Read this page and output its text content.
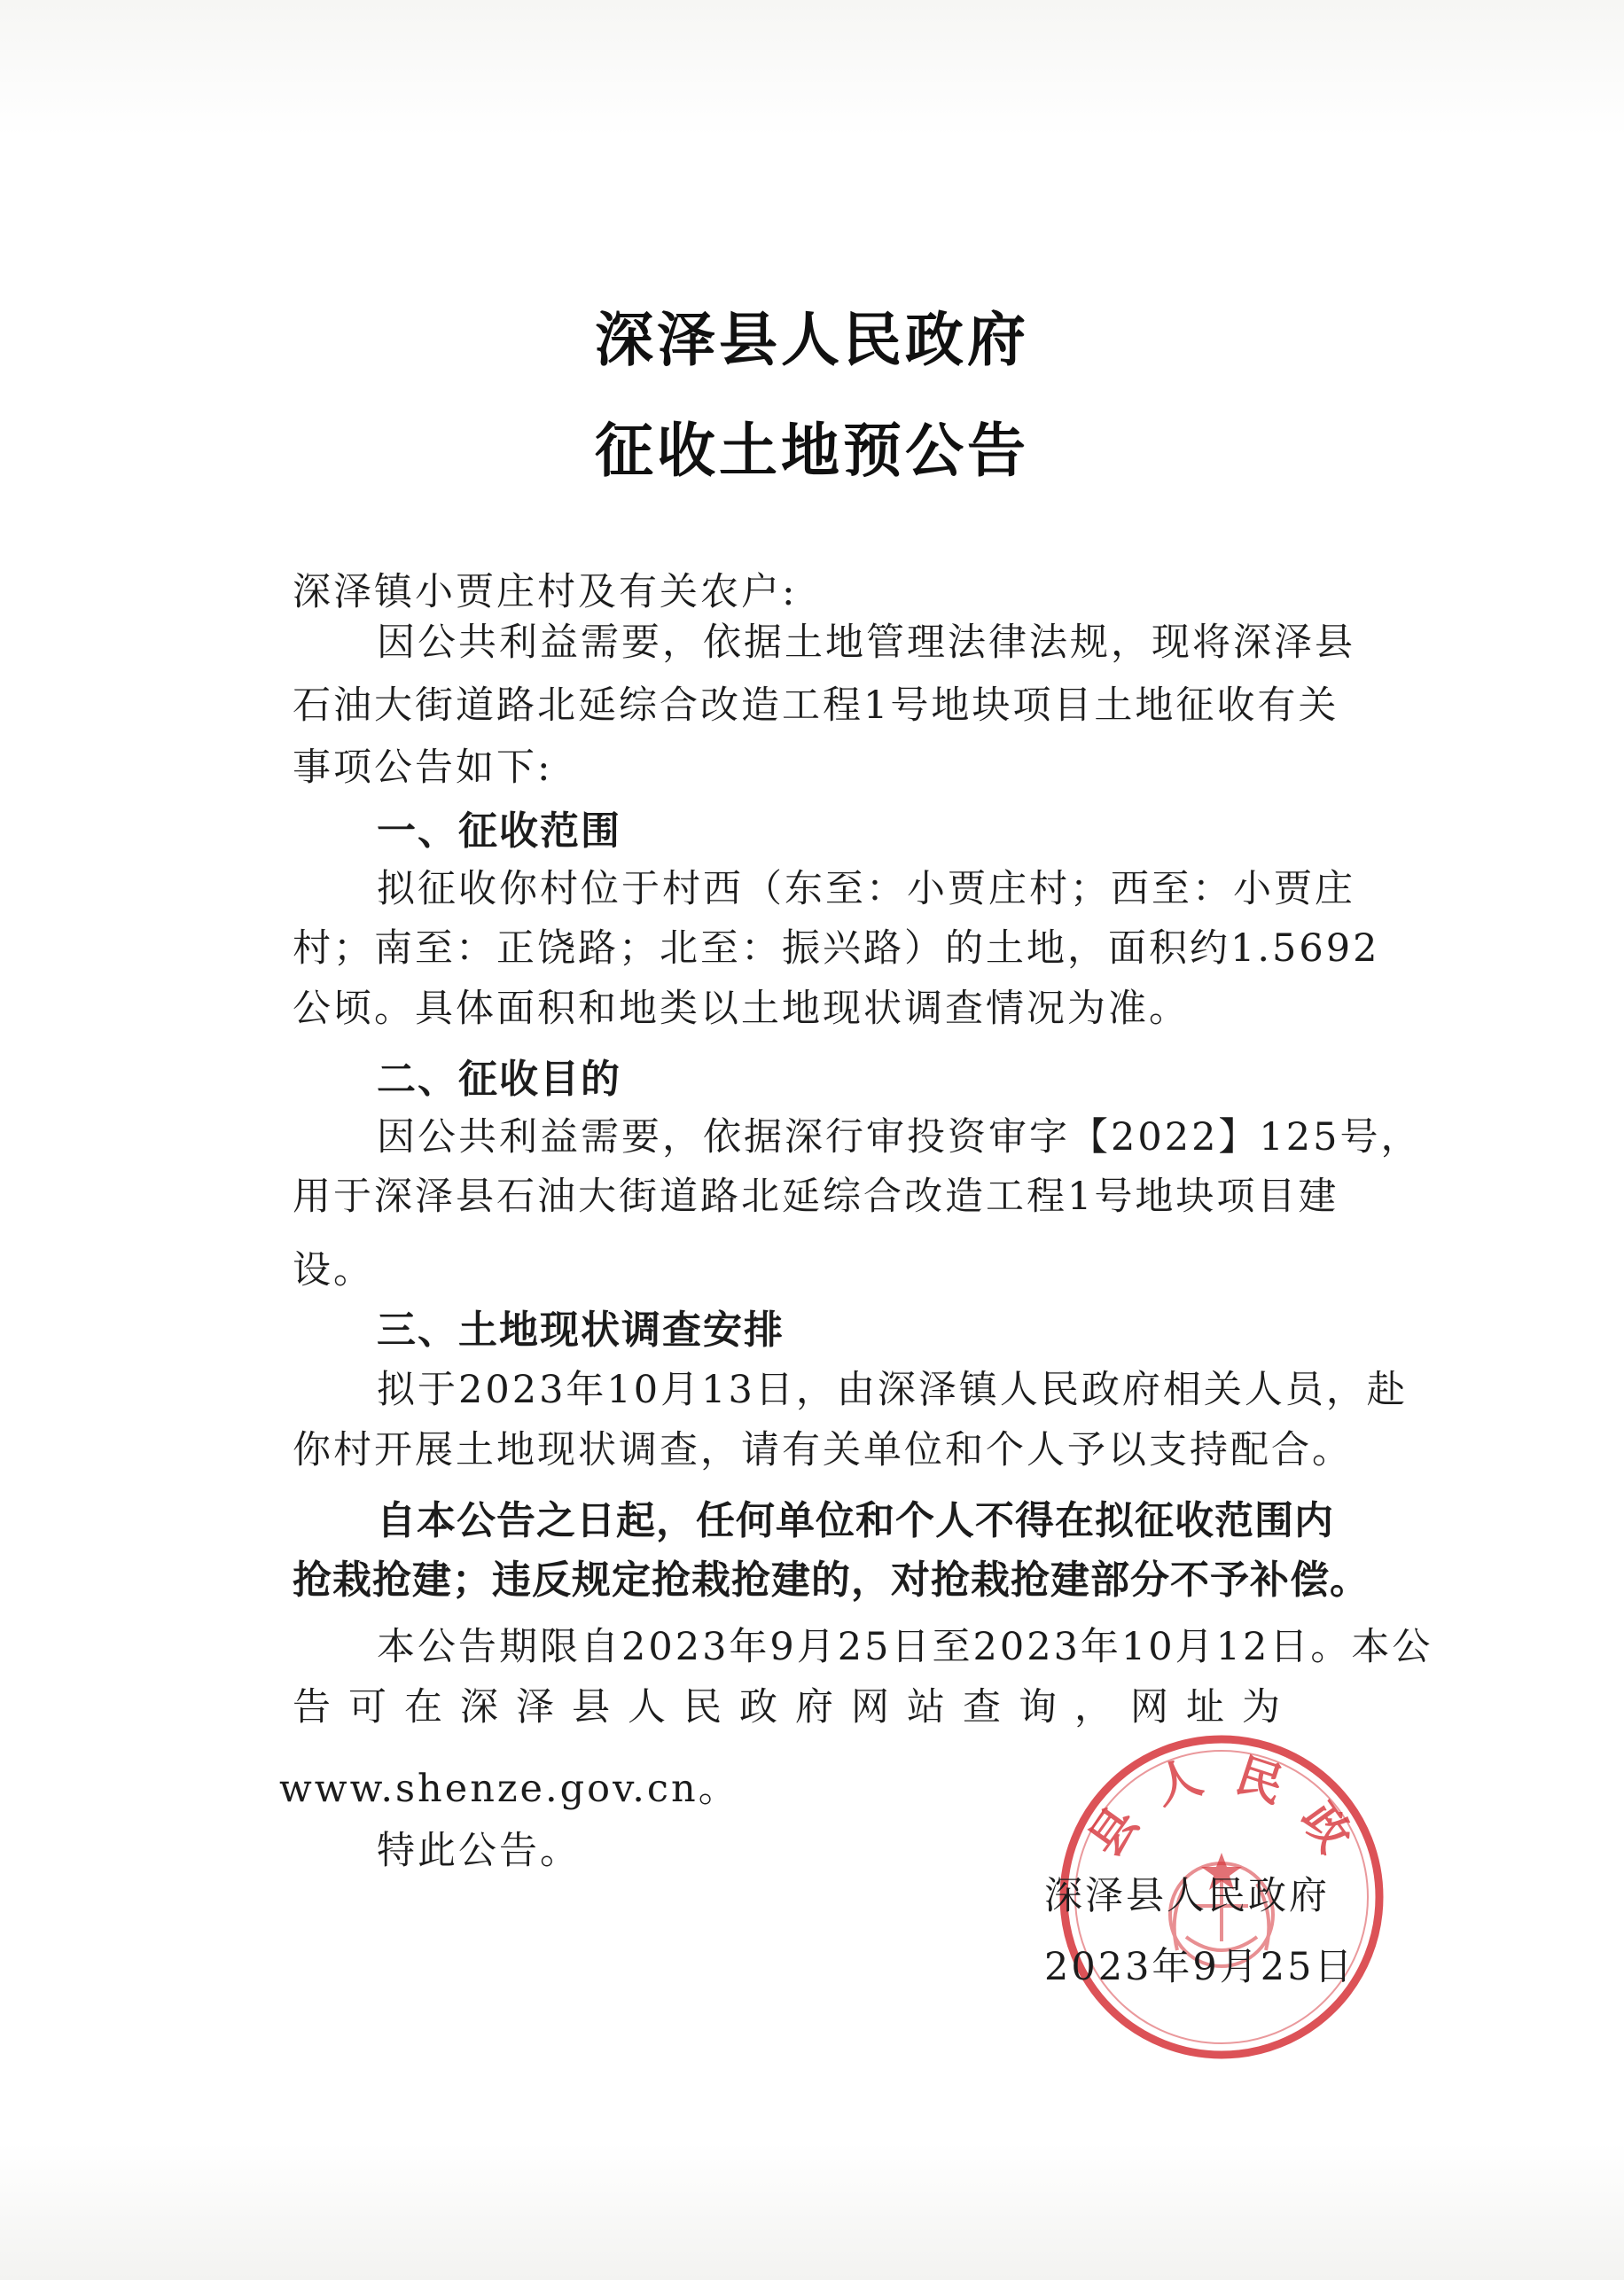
深泽县人民政府
征收土地预公告
深泽镇小贾庄村及有关农户:
因公共利益需要，依据土地管理法律法规，现将深泽县
石油大街道路北延综合改造工程1号地块项目土地征收有关
事项公告如下:
一、征收范围
拟征收你村位于村西（东至：小贾庄村；西至：小贾庄
村；南至：正饶路；北至：振兴路）的土地，面积约1.5692
公顷。具体面积和地类以土地现状调查情况为准。
二、征收目的
因公共利益需要，依据深行审投资审字【2022】125号，
用于深泽县石油大街道路北延综合改造工程1号地块项目建
设。
三、土地现状调查安排
拟于2023年10月13日，由深泽镇人民政府相关人员，赴
你村开展土地现状调查，请有关单位和个人予以支持配合。
自本公告之日起，任何单位和个人不得在拟征收范围内
抢栽抢建；违反规定抢栽抢建的，对抢栽抢建部分不予补偿。
本公告期限自2023年9月25日至2023年10月12日。本公
告可在深泽县人民政府网站查询，网址为
www.shenze.gov.cn。
特此公告。	县 人 民 政
深泽县人民政府
2023年9月25日
